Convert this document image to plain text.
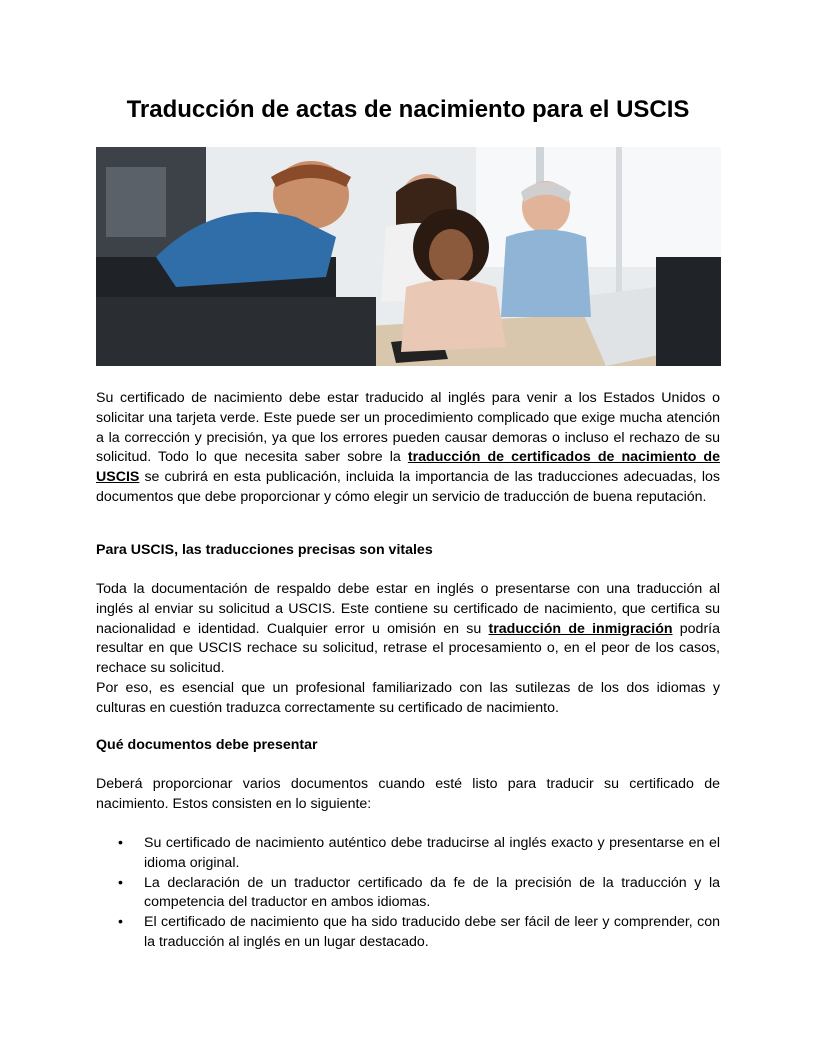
Traducción de actas de nacimiento para el USCIS

Su certificado de nacimiento debe estar traducido al inglés para venir a los Estados Unidos o solicitar una tarjeta verde. Este puede ser un procedimiento complicado que exige mucha atención a la corrección y precisión, ya que los errores pueden causar demoras o incluso el rechazo de su solicitud. Todo lo que necesita saber sobre la traducción de certificados de nacimiento de USCIS se cubrirá en esta publicación, incluida la importancia de las traducciones adecuadas, los documentos que debe proporcionar y cómo elegir un servicio de traducción de buena reputación.

Para USCIS, las traducciones precisas son vitales

Toda la documentación de respaldo debe estar en inglés o presentarse con una traducción al inglés al enviar su solicitud a USCIS. Este contiene su certificado de nacimiento, que certifica su nacionalidad e identidad. Cualquier error u omisión en su traducción de inmigración podría resultar en que USCIS rechace su solicitud, retrase el procesamiento o, en el peor de los casos, rechace su solicitud.

Por eso, es esencial que un profesional familiarizado con las sutilezas de los dos idiomas y culturas en cuestión traduzca correctamente su certificado de nacimiento.

Qué documentos debe presentar

Deberá proporcionar varios documentos cuando esté listo para traducir su certificado de nacimiento. Estos consisten en lo siguiente:

• Su certificado de nacimiento auténtico debe traducirse al inglés exacto y presentarse en el idioma original.
• La declaración de un traductor certificado da fe de la precisión de la traducción y la competencia del traductor en ambos idiomas.
• El certificado de nacimiento que ha sido traducido debe ser fácil de leer y comprender, con la traducción al inglés en un lugar destacado.
